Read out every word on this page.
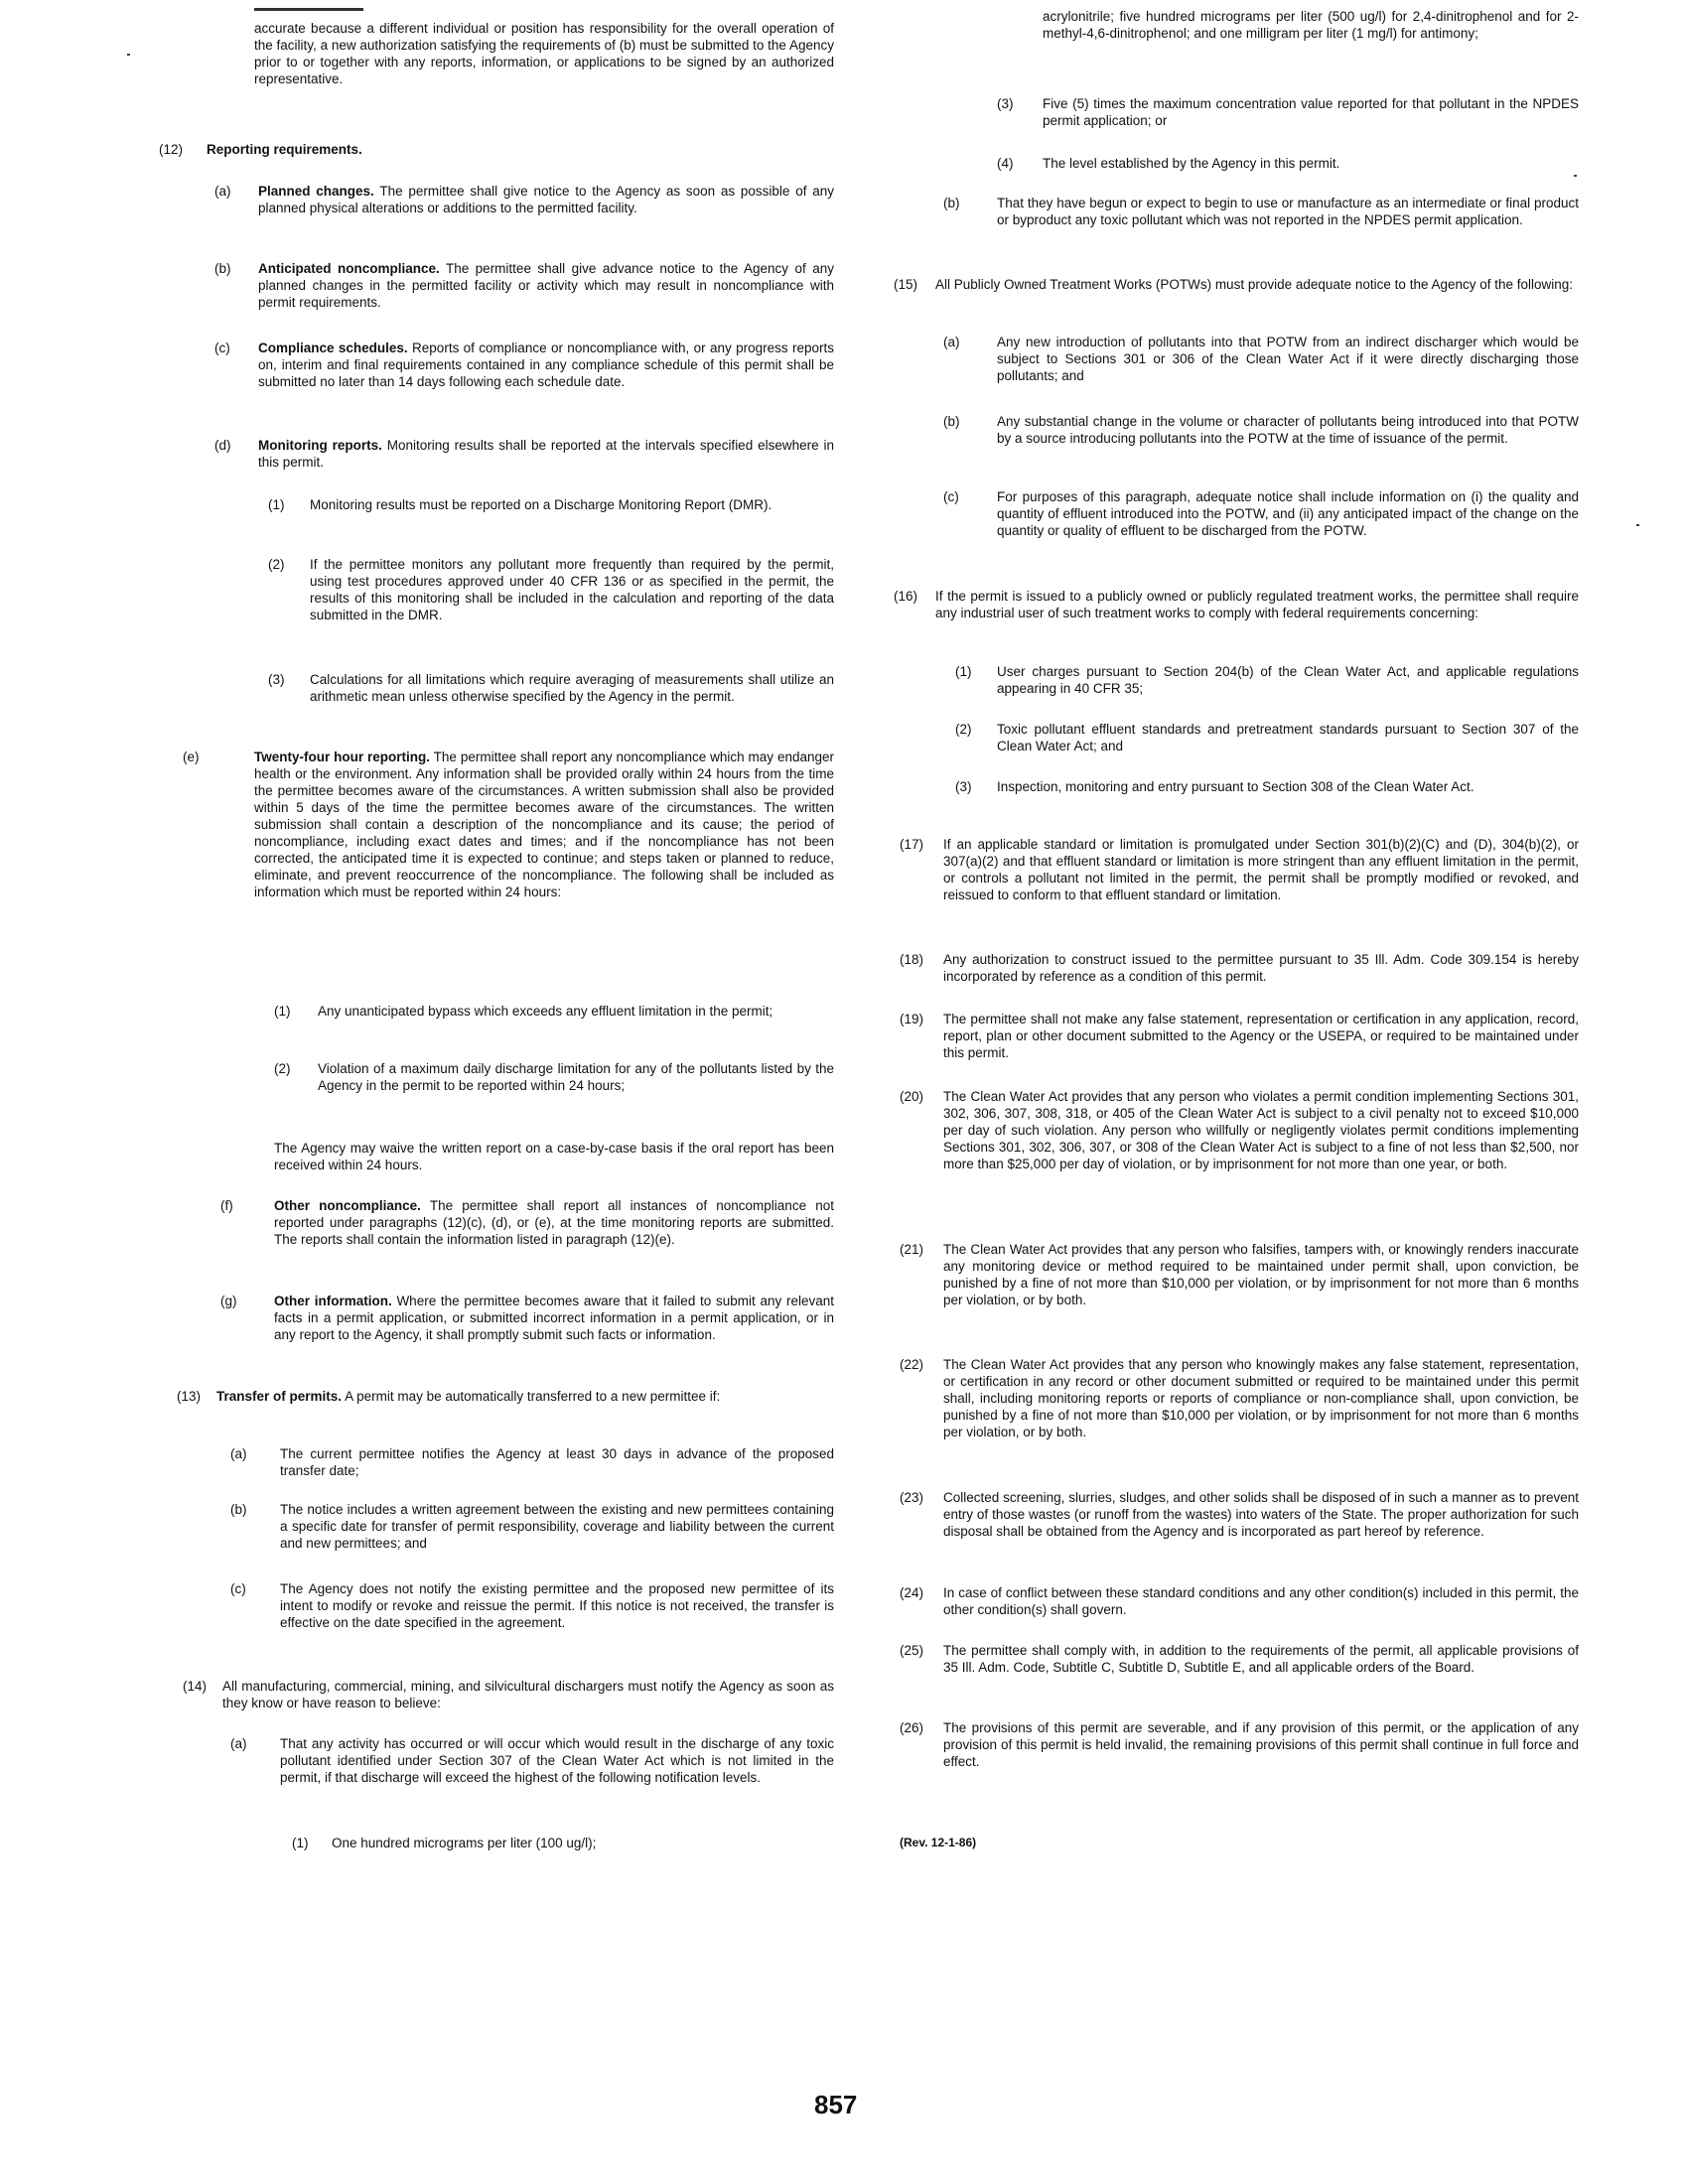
accurate because a different individual or position has responsibility for the overall operation of the facility, a new authorization satisfying the requirements of (b) must be submitted to the Agency prior to or together with any reports, information, or applications to be signed by an authorized representative.
(12) Reporting requirements.
(a) Planned changes. The permittee shall give notice to the Agency as soon as possible of any planned physical alterations or additions to the permitted facility.
(b) Anticipated noncompliance. The permittee shall give advance notice to the Agency of any planned changes in the permitted facility or activity which may result in noncompliance with permit requirements.
(c) Compliance schedules. Reports of compliance or noncompliance with, or any progress reports on, interim and final requirements contained in any compliance schedule of this permit shall be submitted no later than 14 days following each schedule date.
(d) Monitoring reports. Monitoring results shall be reported at the intervals specified elsewhere in this permit.
(1) Monitoring results must be reported on a Discharge Monitoring Report (DMR).
(2) If the permittee monitors any pollutant more frequently than required by the permit, using test procedures approved under 40 CFR 136 or as specified in the permit, the results of this monitoring shall be included in the calculation and reporting of the data submitted in the DMR.
(3) Calculations for all limitations which require averaging of measurements shall utilize an arithmetic mean unless otherwise specified by the Agency in the permit.
(e)	Twenty-four hour reporting. The permittee shall report any noncompliance which may endanger health or the environment. Any information shall be provided orally within 24 hours from the time the permittee becomes aware of the circumstances. A written submission shall also be provided within 5 days of the time the permittee becomes aware of the circumstances. The written submission shall contain a description of the noncompliance and its cause; the period of noncompliance, including exact dates and times; and if the noncompliance has not been corrected, the anticipated time it is expected to continue; and steps taken or planned to reduce, eliminate, and prevent reoccurrence of the noncompliance. The following shall be included as information which must be reported within 24 hours:
(1) Any unanticipated bypass which exceeds any effluent limitation in the permit;
(2) Violation of a maximum daily discharge limitation for any of the pollutants listed by the Agency in the permit to be reported within 24 hours;
The Agency may waive the written report on a case-by-case basis if the oral report has been received within 24 hours.
(f)	Other noncompliance. The permittee shall report all instances of noncompliance not reported under paragraphs (12)(c), (d), or (e), at the time monitoring reports are submitted. The reports shall contain the information listed in paragraph (12)(e).
(g)	Other information. Where the permittee becomes aware that it failed to submit any relevant facts in a permit application, or submitted incorrect information in a permit application, or in any report to the Agency, it shall promptly submit such facts or information.
(13) Transfer of permits. A permit may be automatically transferred to a new permittee if:
(a) The current permittee notifies the Agency at least 30 days in advance of the proposed transfer date;
(b) The notice includes a written agreement between the existing and new permittees containing a specific date for transfer of permit responsibility, coverage and liability between the current and new permittees; and
(c)	The Agency does not notify the existing permittee and the proposed new permittee of its intent to modify or revoke and reissue the permit. If this notice is not received, the transfer is effective on the date specified in the agreement.
(14) All manufacturing, commercial, mining, and silvicultural dischargers must notify the Agency as soon as they know or have reason to believe:
(a) That any activity has occurred or will occur which would result in the discharge of any toxic pollutant identified under Section 307 of the Clean Water Act which is not limited in the permit, if that discharge will exceed the highest of the following notification levels.
(1) One hundred micrograms per liter (100 ug/l);
acrylonitrile; five hundred micrograms per liter (500 ug/l) for 2,4-dinitrophenol and for 2-methyl-4,6-dinitrophenol; and one milligram per liter (1 mg/l) for antimony;
(3) Five (5) times the maximum concentration value reported for that pollutant in the NPDES permit application; or
(4) The level established by the Agency in this permit.
(b)	That they have begun or expect to begin to use or manufacture as an intermediate or final product or byproduct any toxic pollutant which was not reported in the NPDES permit application.
(15) All Publicly Owned Treatment Works (POTWs) must provide adequate notice to the Agency of the following:
(a)	Any new introduction of pollutants into that POTW from an indirect discharger which would be subject to Sections 301 or 306 of the Clean Water Act if it were directly discharging those pollutants; and
(b)	Any substantial change in the volume or character of pollutants being introduced into that POTW by a source introducing pollutants into the POTW at the time of issuance of the permit.
(c)	For purposes of this paragraph, adequate notice shall include information on (i) the quality and quantity of effluent introduced into the POTW, and (ii) any anticipated impact of the change on the quantity or quality of effluent to be discharged from the POTW.
(16) If the permit is issued to a publicly owned or publicly regulated treatment works, the permittee shall require any industrial user of such treatment works to comply with federal requirements concerning:
(1) User charges pursuant to Section 204(b) of the Clean Water Act, and applicable regulations appearing in 40 CFR 35;
(2) Toxic pollutant effluent standards and pretreatment standards pursuant to Section 307 of the Clean Water Act; and
(3) Inspection, monitoring and entry pursuant to Section 308 of the Clean Water Act.
(17) If an applicable standard or limitation is promulgated under Section 301(b)(2)(C) and (D), 304(b)(2), or 307(a)(2) and that effluent standard or limitation is more stringent than any effluent limitation in the permit, or controls a pollutant not limited in the permit, the permit shall be promptly modified or revoked, and reissued to conform to that effluent standard or limitation.
(18) Any authorization to construct issued to the permittee pursuant to 35 Ill. Adm. Code 309.154 is hereby incorporated by reference as a condition of this permit.
(19) The permittee shall not make any false statement, representation or certification in any application, record, report, plan or other document submitted to the Agency or the USEPA, or required to be maintained under this permit.
(20) The Clean Water Act provides that any person who violates a permit condition implementing Sections 301, 302, 306, 307, 308, 318, or 405 of the Clean Water Act is subject to a civil penalty not to exceed $10,000 per day of such violation. Any person who willfully or negligently violates permit conditions implementing Sections 301, 302, 306, 307, or 308 of the Clean Water Act is subject to a fine of not less than $2,500, nor more than $25,000 per day of violation, or by imprisonment for not more than one year, or both.
(21) The Clean Water Act provides that any person who falsifies, tampers with, or knowingly renders inaccurate any monitoring device or method required to be maintained under permit shall, upon conviction, be punished by a fine of not more than $10,000 per violation, or by imprisonment for not more than 6 months per violation, or by both.
(22) The Clean Water Act provides that any person who knowingly makes any false statement, representation, or certification in any record or other document submitted or required to be maintained under this permit shall, including monitoring reports or reports of compliance or non-compliance shall, upon conviction, be punished by a fine of not more than $10,000 per violation, or by imprisonment for not more than 6 months per violation, or by both.
(23) Collected screening, slurries, sludges, and other solids shall be disposed of in such a manner as to prevent entry of those wastes (or runoff from the wastes) into waters of the State. The proper authorization for such disposal shall be obtained from the Agency and is incorporated as part hereof by reference.
(24) In case of conflict between these standard conditions and any other condition(s) included in this permit, the other condition(s) shall govern.
(25) The permittee shall comply with, in addition to the requirements of the permit, all applicable provisions of 35 Ill. Adm. Code, Subtitle C, Subtitle D, Subtitle E, and all applicable orders of the Board.
(26) The provisions of this permit are severable, and if any provision of this permit, or the application of any provision of this permit is held invalid, the remaining provisions of this permit shall continue in full force and effect.
(Rev. 12-1-86)
857
